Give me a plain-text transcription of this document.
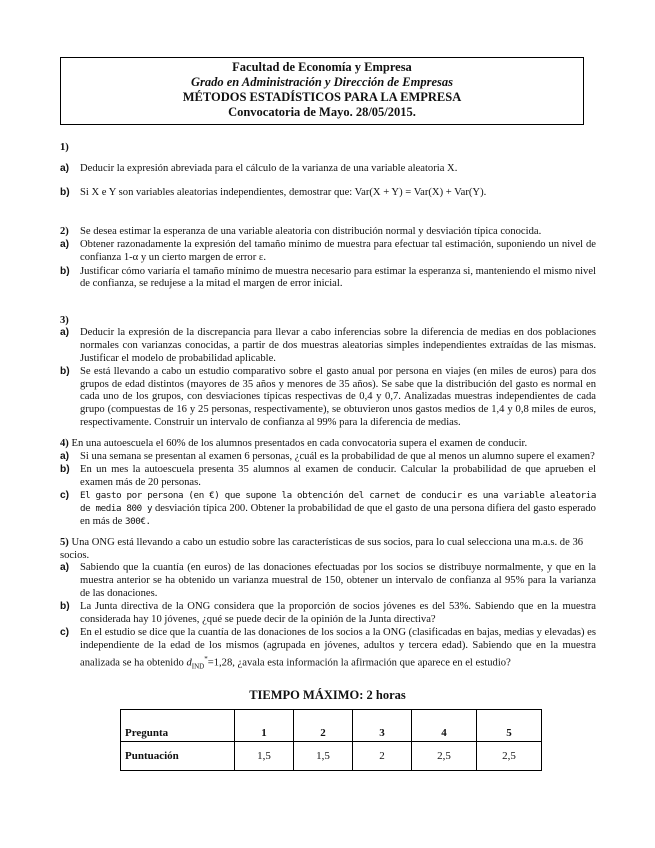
Facultad de Economía y Empresa
Grado en Administración y Dirección de Empresas
MÉTODOS ESTADÍSTICOS PARA LA EMPRESA
Convocatoria de Mayo. 28/05/2015.
1)
a)	Deducir la expresión abreviada para el cálculo de la varianza de una variable aleatoria X.
b) Si X e Y son variables aleatorias independientes, demostrar que: Var(X + Y) = Var(X) + Var(Y).
2)	Se desea estimar la esperanza de una variable aleatoria con distribución normal y desviación típica conocida.
a)	Obtener razonadamente la expresión del tamaño mínimo de muestra para efectuar tal estimación, suponiendo un nivel de confianza 1-α y un cierto margen de error ε.
b) Justificar cómo variaría el tamaño mínimo de muestra necesario para estimar la esperanza si, manteniendo el mismo nivel de confianza, se redujese a la mitad el margen de error inicial.
3)
a)	Deducir la expresión de la discrepancia para llevar a cabo inferencias sobre la diferencia de medias en dos poblaciones normales con varianzas conocidas, a partir de dos muestras aleatorias simples independientes extraídas de las mismas. Justificar el modelo de probabilidad aplicable.
b) Se está llevando a cabo un estudio comparativo sobre el gasto anual por persona en viajes (en miles de euros) para dos grupos de edad distintos (mayores de 35 años y menores de 35 años). Se sabe que la distribución del gasto es normal en cada uno de los grupos, con desviaciones típicas respectivas de 0,4 y 0,7. Analizadas muestras independientes de cada grupo (compuestas de 16 y 25 personas, respectivamente), se obtuvieron unos gastos medios de 1,4 y 0,8 miles de euros, respectivamente. Construir un intervalo de confianza al 99% para la diferencia de medias.
4) En una autoescuela el 60% de los alumnos presentados en cada convocatoria supera el examen de conducir.
a)	Si una semana se presentan al examen 6 personas, ¿cuál es la probabilidad de que al menos un alumno supere el examen?
b) En un mes la autoescuela presenta 35 alumnos al examen de conducir. Calcular la probabilidad de que aprueben el examen más de 20 personas.
c)	El gasto por persona (en €) que supone la obtención del carnet de conducir es una variable aleatoria de media 800 y desviación típica 200. Obtener la probabilidad de que el gasto de una persona difiera del gasto esperado en más de 300€.
5) Una ONG está llevando a cabo un estudio sobre las características de sus socios, para lo cual selecciona una m.a.s. de 36 socios.
a)	Sabiendo que la cuantía (en euros) de las donaciones efectuadas por los socios se distribuye normalmente, y que en la muestra anterior se ha obtenido un varianza muestral de 150, obtener un intervalo de confianza al 95% para la varianza de las donaciones.
b) La Junta directiva de la ONG considera que la proporción de socios jóvenes es del 53%. Sabiendo que en la muestra considerada hay 10 jóvenes, ¿qué se puede decir de la opinión de la Junta directiva?
c)	En el estudio se dice que la cuantía de las donaciones de los socios a la ONG (clasificadas en bajas, medias y elevadas) es independiente de la edad de los mismos (agrupada en jóvenes, adultos y tercera edad). Sabiendo que en la muestra analizada se ha obtenido $d_{IND}^*=1,28$, ¿avala esta información la afirmación que aparece en el estudio?
TIEMPO MÁXIMO: 2 horas
Pregunta	1	2	3	4	5
Puntuación	1,5	1,5	2	2,5	2,5
